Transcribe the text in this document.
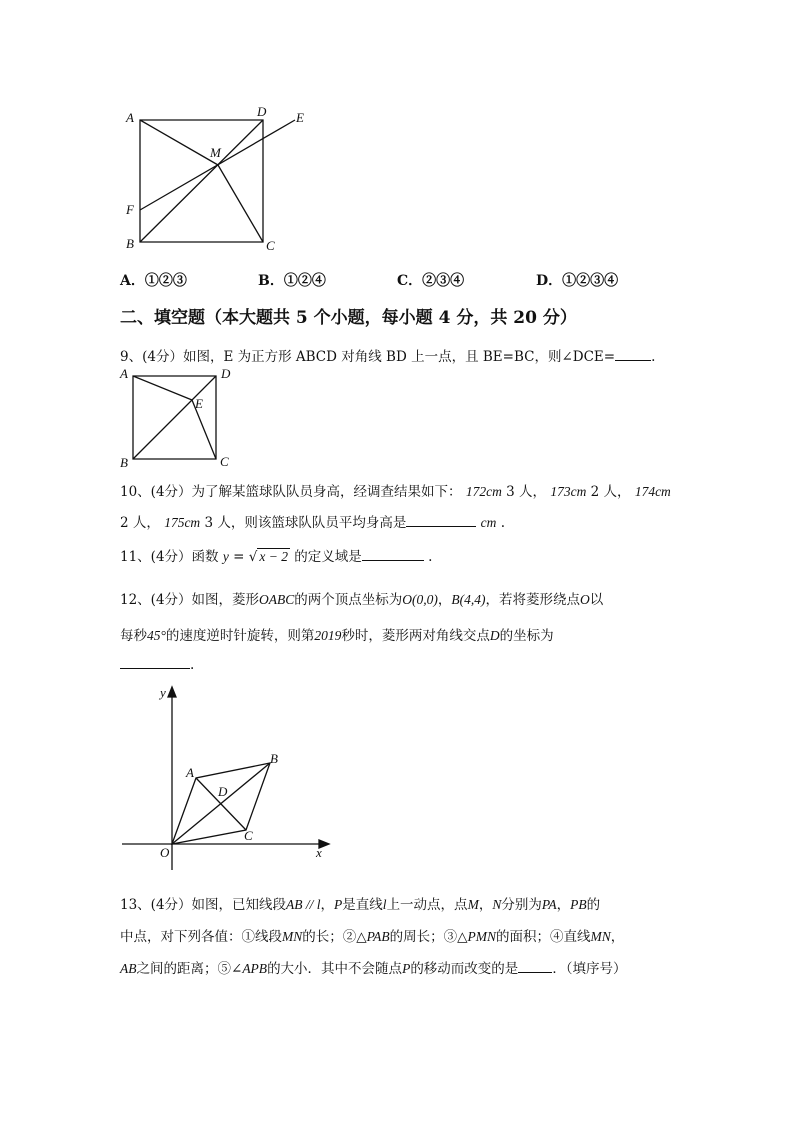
A	D E
M
F
B	C
A．①②③	B．①②④	C．②③④	D．①②③④
二、填空题（本大题共 5 个小题，每小题 4 分，共 20 分）
9、(4分）如图，E 为正方形 ABCD 对角线 BD 上一点，且 BE=BC，则∠DCE=	.
A	D
E
B	C
10、(4分）为了解某篮球队队员身高，经调查结果如下： 172cm 3 人， 173cm 2 人， 174cm
2 人， 175cm 3 人，则该篮球队队员平均身高是	cm .
11、(4分）函数 y = √ x − 2 的定义域是	.
12、(4分）如图，菱形OABC的两个顶点坐标为O(0,0)，B(4,4)，若将菱形绕点O以
每秒45°的速度逆时针旋转，则第2019秒时，菱形两对角线交点D的坐标为
.
y
x
O
A
B
C
D
13、(4分）如图，已知线段AB // l，P是直线l上一动点，点M，N分别为PA，PB的
中点，对下列各值：①线段MN的长；②△PAB的周长；③△PMN的面积；④直线MN，
AB之间的距离；⑤∠APB的大小．其中不会随点P的移动而改变的是	．（填序号）
